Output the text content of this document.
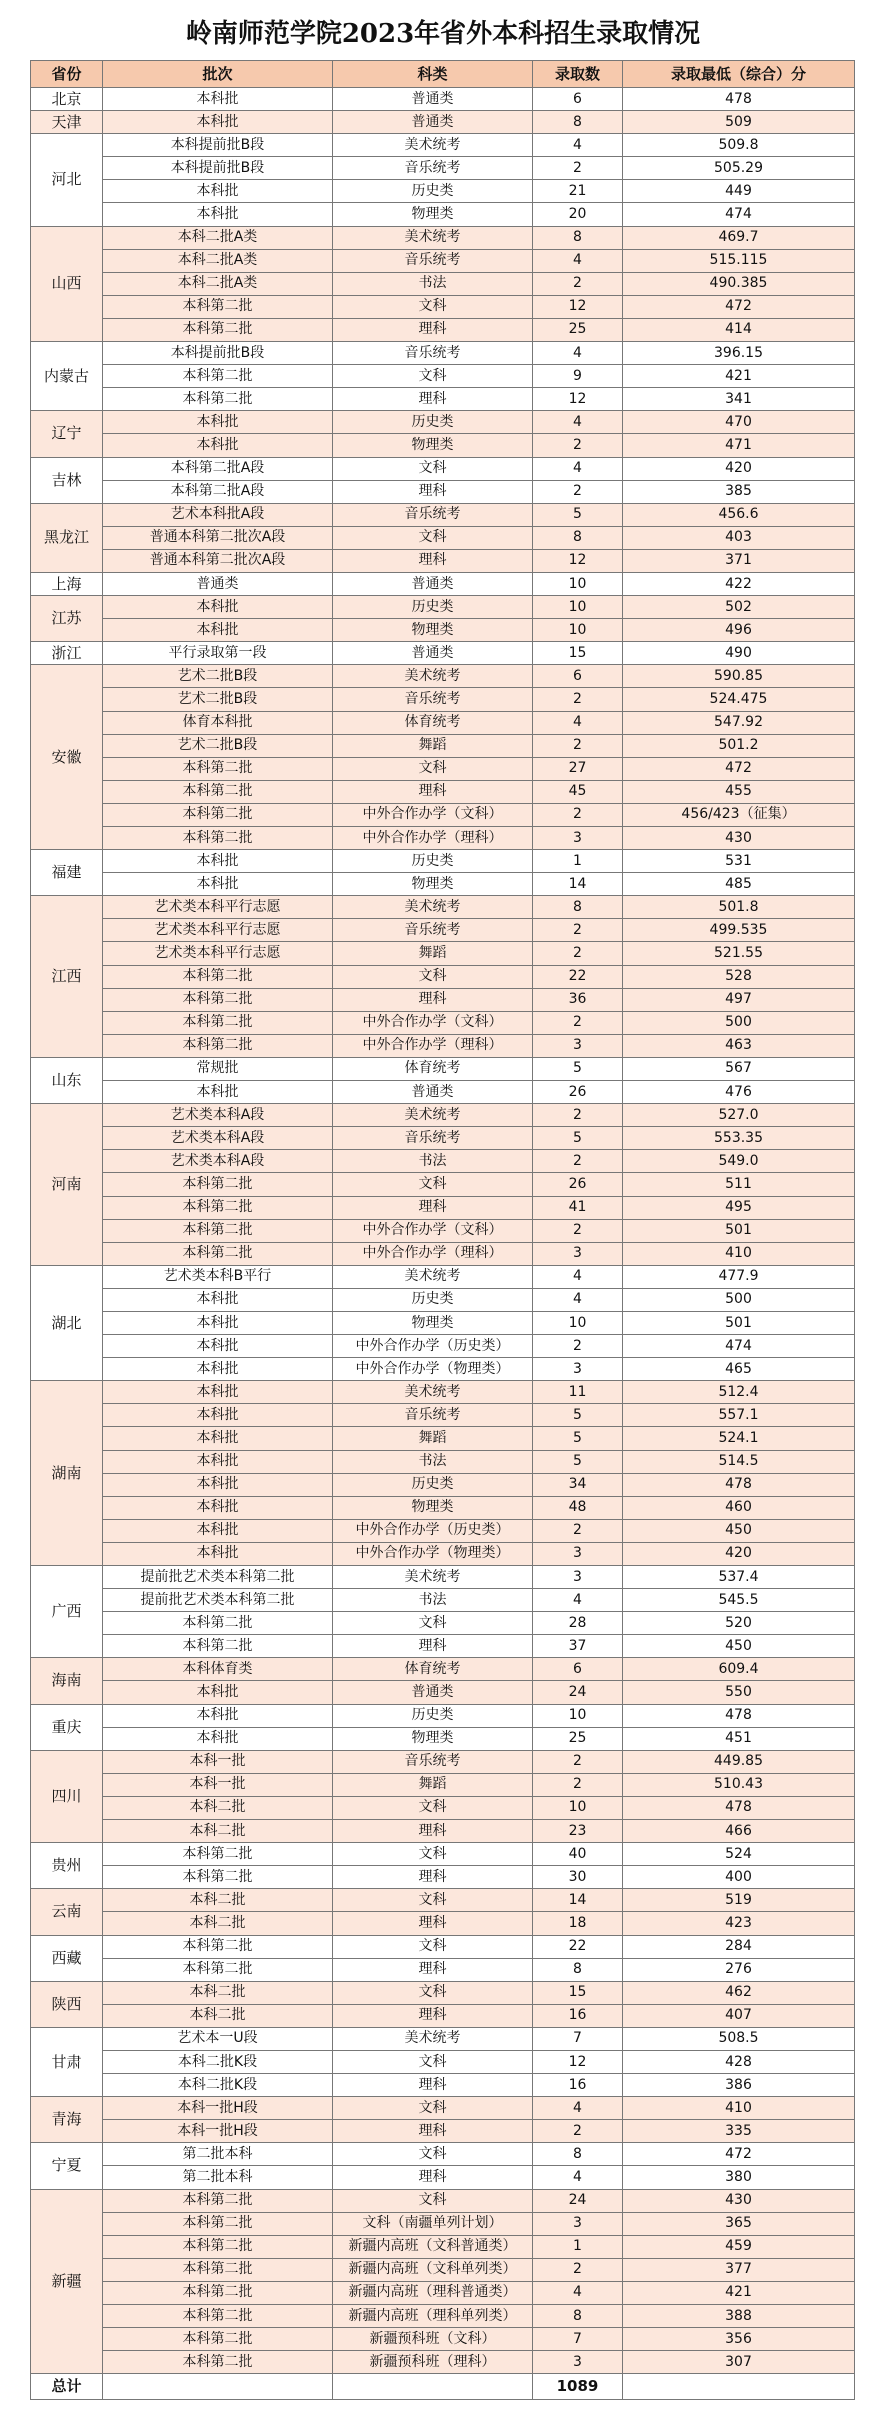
岭南师范学院2023年省外本科招生录取情况
省份	批次	科类	录取数	录取最低（综合）分
北京	本科批	普通类	6	478
天津	本科批	普通类	8	509
河北	本科提前批B段	美术统考	4	509.8
	本科提前批B段	音乐统考	2	505.29
	本科批	历史类	21	449
	本科批	物理类	20	474
山西	本科二批A类	美术统考	8	469.7
	本科二批A类	音乐统考	4	515.115
	本科二批A类	书法	2	490.385
	本科第二批	文科	12	472
	本科第二批	理科	25	414
内蒙古	本科提前批B段	音乐统考	4	396.15
	本科第二批	文科	9	421
	本科第二批	理科	12	341
辽宁	本科批	历史类	4	470
	本科批	物理类	2	471
吉林	本科第二批A段	文科	4	420
	本科第二批A段	理科	2	385
黑龙江	艺术本科批A段	音乐统考	5	456.6
	普通本科第二批次A段	文科	8	403
	普通本科第二批次A段	理科	12	371
上海	普通类	普通类	10	422
江苏	本科批	历史类	10	502
	本科批	物理类	10	496
浙江	平行录取第一段	普通类	15	490
安徽	艺术二批B段	美术统考	6	590.85
	艺术二批B段	音乐统考	2	524.475
	体育本科批	体育统考	4	547.92
	艺术二批B段	舞蹈	2	501.2
	本科第二批	文科	27	472
	本科第二批	理科	45	455
	本科第二批	中外合作办学（文科）	2	456/423（征集）
	本科第二批	中外合作办学（理科）	3	430
福建	本科批	历史类	1	531
	本科批	物理类	14	485
江西	艺术类本科平行志愿	美术统考	8	501.8
	艺术类本科平行志愿	音乐统考	2	499.535
	艺术类本科平行志愿	舞蹈	2	521.55
	本科第二批	文科	22	528
	本科第二批	理科	36	497
	本科第二批	中外合作办学（文科）	2	500
	本科第二批	中外合作办学（理科）	3	463
山东	常规批	体育统考	5	567
	本科批	普通类	26	476
河南	艺术类本科A段	美术统考	2	527.0
	艺术类本科A段	音乐统考	5	553.35
	艺术类本科A段	书法	2	549.0
	本科第二批	文科	26	511
	本科第二批	理科	41	495
	本科第二批	中外合作办学（文科）	2	501
	本科第二批	中外合作办学（理科）	3	410
湖北	艺术类本科B平行	美术统考	4	477.9
	本科批	历史类	4	500
	本科批	物理类	10	501
	本科批	中外合作办学（历史类）	2	474
	本科批	中外合作办学（物理类）	3	465
湖南	本科批	美术统考	11	512.4
	本科批	音乐统考	5	557.1
	本科批	舞蹈	5	524.1
	本科批	书法	5	514.5
	本科批	历史类	34	478
	本科批	物理类	48	460
	本科批	中外合作办学（历史类）	2	450
	本科批	中外合作办学（物理类）	3	420
广西	提前批艺术类本科第二批	美术统考	3	537.4
	提前批艺术类本科第二批	书法	4	545.5
	本科第二批	文科	28	520
	本科第二批	理科	37	450
海南	本科体育类	体育统考	6	609.4
	本科批	普通类	24	550
重庆	本科批	历史类	10	478
	本科批	物理类	25	451
四川	本科一批	音乐统考	2	449.85
	本科一批	舞蹈	2	510.43
	本科二批	文科	10	478
	本科二批	理科	23	466
贵州	本科第二批	文科	40	524
	本科第二批	理科	30	400
云南	本科二批	文科	14	519
	本科二批	理科	18	423
西藏	本科第二批	文科	22	284
	本科第二批	理科	8	276
陕西	本科二批	文科	15	462
	本科二批	理科	16	407
甘肃	艺术本一U段	美术统考	7	508.5
	本科二批K段	文科	12	428
	本科二批K段	理科	16	386
青海	本科一批H段	文科	4	410
	本科一批H段	理科	2	335
宁夏	第二批本科	文科	8	472
	第二批本科	理科	4	380
新疆	本科第二批	文科	24	430
	本科第二批	文科（南疆单列计划）	3	365
	本科第二批	新疆内高班（文科普通类）	1	459
	本科第二批	新疆内高班（文科单列类）	2	377
	本科第二批	新疆内高班（理科普通类）	4	421
	本科第二批	新疆内高班（理科单列类）	8	388
	本科第二批	新疆预科班（文科）	7	356
	本科第二批	新疆预科班（理科）	3	307
总计			1089	
